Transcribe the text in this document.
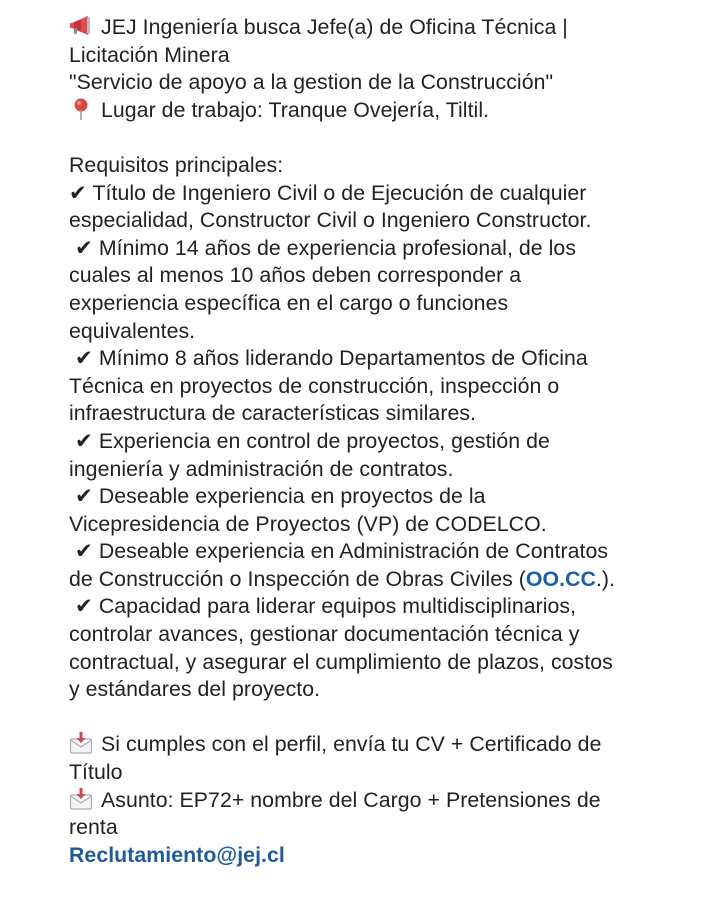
JEJ Ingeniería busca Jefe(a) de Oficina Técnica |
Licitación Minera
"Servicio de apoyo a la gestion de la Construcción"
Lugar de trabajo: Tranque Ovejería, Tiltil.
Requisitos principales:
✔ Título de Ingeniero Civil o de Ejecución de cualquier
especialidad, Constructor Civil o Ingeniero Constructor.
✔ Mínimo 14 años de experiencia profesional, de los
cuales al menos 10 años deben corresponder a
experiencia específica en el cargo o funciones
equivalentes.
✔ Mínimo 8 años liderando Departamentos de Oficina
Técnica en proyectos de construcción, inspección o
infraestructura de características similares.
✔ Experiencia en control de proyectos, gestión de
ingeniería y administración de contratos.
✔ Deseable experiencia en proyectos de la
Vicepresidencia de Proyectos (VP) de CODELCO.
✔ Deseable experiencia en Administración de Contratos
de Construcción o Inspección de Obras Civiles (OO.CC.).
✔ Capacidad para liderar equipos multidisciplinarios,
controlar avances, gestionar documentación técnica y
contractual, y asegurar el cumplimiento de plazos, costos
y estándares del proyecto.
Si cumples con el perfil, envía tu CV + Certificado de
Título
Asunto: EP72+ nombre del Cargo + Pretensiones de
renta
Reclutamiento@jej.cl
